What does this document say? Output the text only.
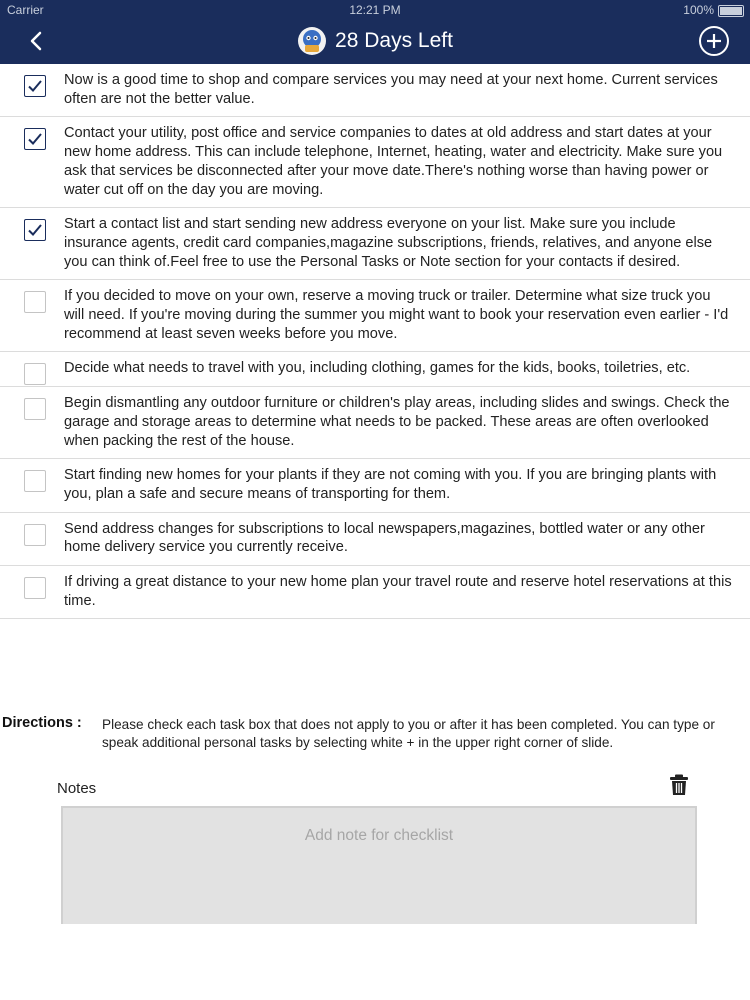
Carrier	12:21 PM	100%
28 Days Left
Now is a good time to shop and compare services you may need at your next home. Current services often are not the better value.
Contact your utility, post office and service companies to dates at old address and start dates at your new home address. This can include telephone, Internet, heating, water and electricity. Make sure you ask that services be disconnected after your move date.There's nothing worse than having power or water cut off on the day you are moving.
Start a contact list and start sending new address everyone on your list. Make sure you include insurance agents, credit card companies,magazine subscriptions, friends, relatives, and anyone else you can think of.Feel free to use the Personal Tasks or Note section for your contacts if desired.
If you decided to move on your own, reserve a moving truck or trailer. Determine what size truck you will need. If you're moving during the summer you might want to book your reservation even earlier - I'd recommend at least seven weeks before you move.
Decide what needs to travel with you, including clothing, games for the kids, books, toiletries, etc.
Begin dismantling any outdoor furniture or children's play areas, including slides and swings. Check the garage and storage areas to determine what needs to be packed. These areas are often overlooked when packing the rest of the house.
Start finding new homes for your plants if they are not coming with you. If you are bringing plants with you, plan a safe and secure means of transporting for them.
Send address changes for subscriptions to local newspapers,magazines, bottled water or any other home delivery service you currently receive.
If driving a great distance to your new home plan your travel route and reserve hotel reservations at this time.
Directions : Please check each task box that does not apply to you or after it has been completed. You can type or speak additional personal tasks by selecting white + in the upper right corner of slide.
Notes
Add note for checklist
